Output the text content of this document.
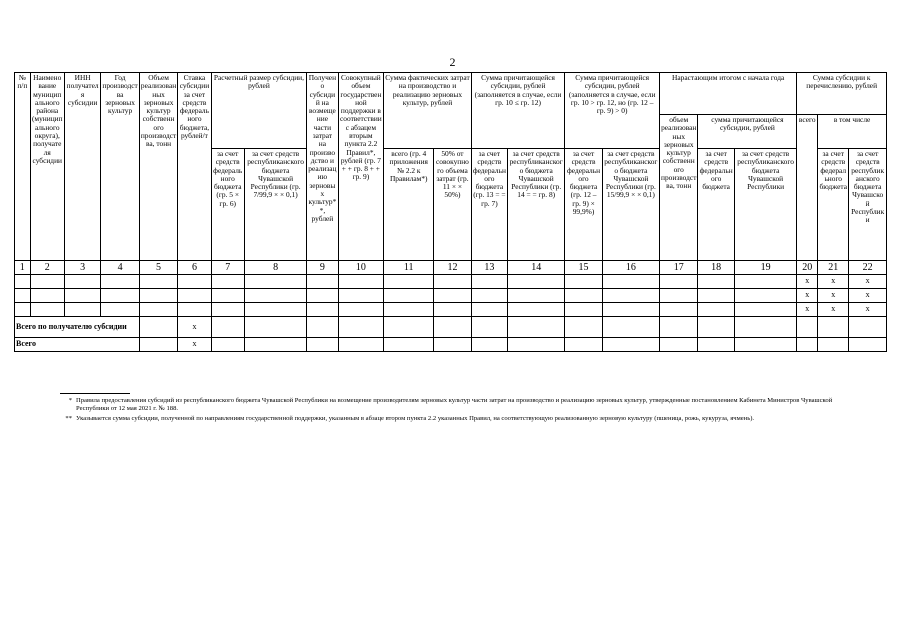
2
№ п/п	Наименование муниципального района (муниципального округа), получателя субсидии	ИНН получателя субсидии	Год производства зерновых культур	Объем реализованных зерновых культур собственного производства, тонн	Ставка субсидии за счет средств федерального бюджета, рублей/т	Расчетный размер субсидии, рублей		Получено субсидий на возмещение части затрат на производство и реализацию зерновых культур**, рублей	Совокупный объем государственной поддержки в соответствии с абзацем вторым пункта 2.2 Правил*, рублей (гр. 7 + + гр. 8 + + гр. 9)	Сумма фактических затрат на производство и реализацию зерновых культур, рублей		Сумма причитающейся субсидии, рублей (заполняется в случае, если гр. 10 ≤ гр. 12)		Сумма причитающейся субсидии, рублей (заполняется в случае, если гр. 10 > гр. 12, но (гр. 12 – гр. 9) > 0)		Нарастающим итогом с начала года			Сумма субсидии к перечислению, рублей		
																объем реализованных зерновых культур собственного производства, тонн	сумма причитающейся субсидии, рублей		всего	в том числе	
						за счет средств федерального бюджета (гр. 5 × гр. 6)	за счет средств республиканского бюджета Чувашской Республики (гр. 7/99,9 × × 0,1)			всего (гр. 4 приложения № 2.2 к Правилам*)	50% от совокупного объема затрат (гр. 11 × × 50%)	за счет средств федерального бюджета (гр. 13 = = гр. 7)	за счет средств республиканского бюджета Чувашской Республики (гр. 14 = = гр. 8)	за счет средств федерального бюджета (гр. 12 – гр. 9) × 99,9%)	за счет средств республиканского бюджета Чувашской Республики (гр. 15/99,9 × × 0,1)		за счет средств федерального бюджета	за счет средств республиканского бюджета Чувашской Республики		за счет средств федерального бюджета	за счет средств республиканского бюджета Чувашской Республики
1	2	3	4	5	6	7	8	9	10	11	12	13	14	15	16	17	18	19	20	21	22
																			x	x	x
																			x	x	x
																			x	x	x
Всего по получателю субсидии					x																
Всего					x																
* Правила предоставления субсидий из республиканского бюджета Чувашской Республики на возмещение производителям зерновых культур части затрат на производство и реализацию зерновых культур, утвержденные постановлением Кабинета Министров Чувашской Республики от 12 мая 2021 г. № 188.
** Указывается сумма субсидии, полученной по направлениям государственной поддержки, указанным в абзаце втором пункта 2.2 указанных Правил, на соответствующую реализованную зерновую культуру (пшеница, рожь, кукуруза, ячмень).
